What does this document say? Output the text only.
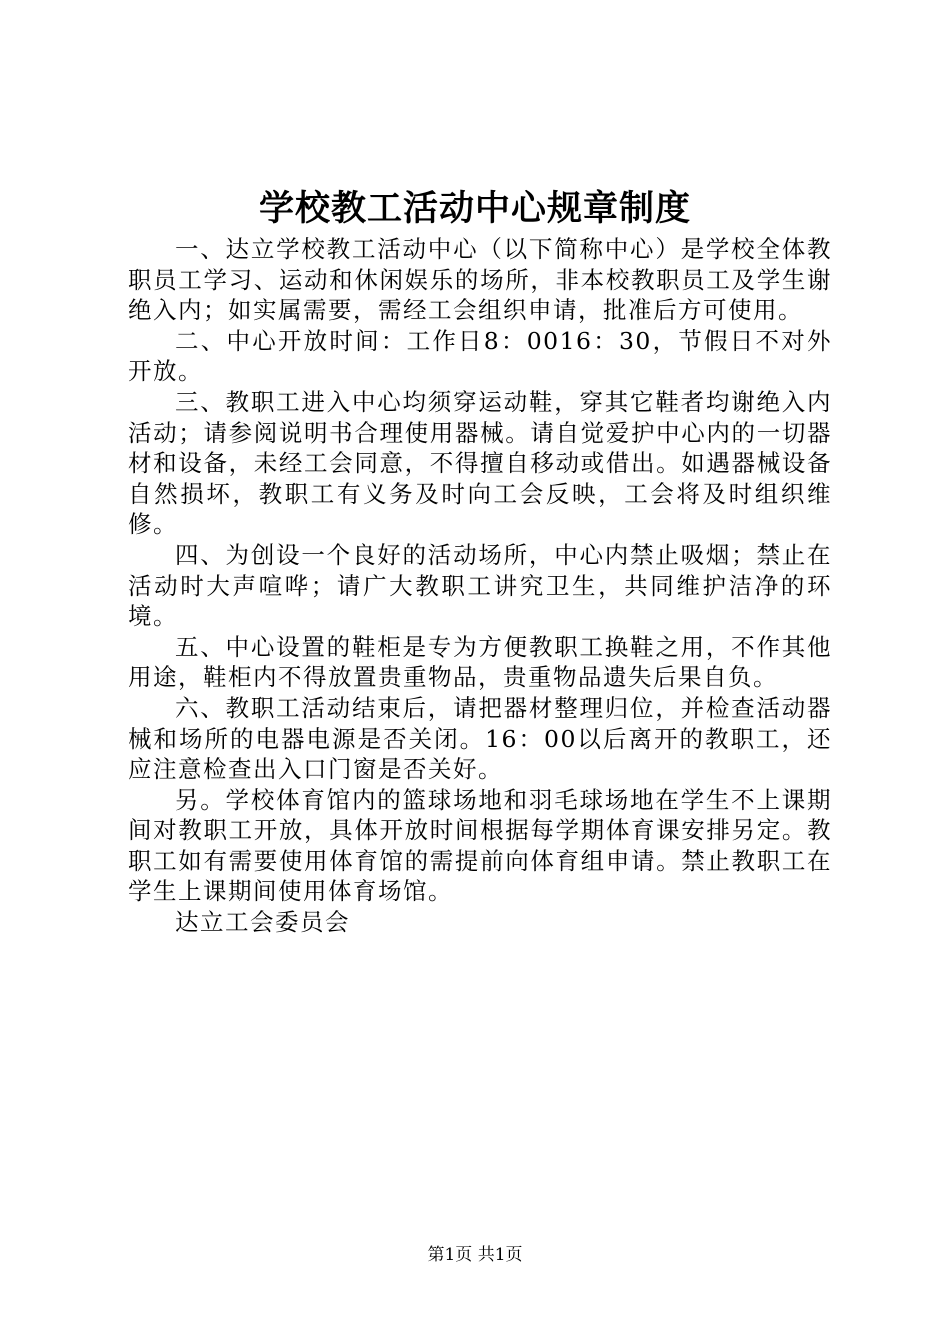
学校教工活动中心规章制度

一、达立学校教工活动中心（以下简称中心）是学校全体教职员工学习、运动和休闲娱乐的场所，非本校教职员工及学生谢绝入内；如实属需要，需经工会组织申请，批准后方可使用。

二、中心开放时间：工作日8：0016：30，节假日不对外开放。

三、教职工进入中心均须穿运动鞋，穿其它鞋者均谢绝入内活动；请参阅说明书合理使用器械。请自觉爱护中心内的一切器材和设备，未经工会同意，不得擅自移动或借出。如遇器械设备自然损坏，教职工有义务及时向工会反映，工会将及时组织维修。

四、为创设一个良好的活动场所，中心内禁止吸烟；禁止在活动时大声喧哗；请广大教职工讲究卫生，共同维护洁净的环境。

五、中心设置的鞋柜是专为方便教职工换鞋之用，不作其他用途，鞋柜内不得放置贵重物品，贵重物品遗失后果自负。

六、教职工活动结束后，请把器材整理归位，并检查活动器械和场所的电器电源是否关闭。16：00以后离开的教职工，还应注意检查出入口门窗是否关好。

另。学校体育馆内的篮球场地和羽毛球场地在学生不上课期间对教职工开放，具体开放时间根据每学期体育课安排另定。教职工如有需要使用体育馆的需提前向体育组申请。禁止教职工在学生上课期间使用体育场馆。

达立工会委员会

第1页 共1页
